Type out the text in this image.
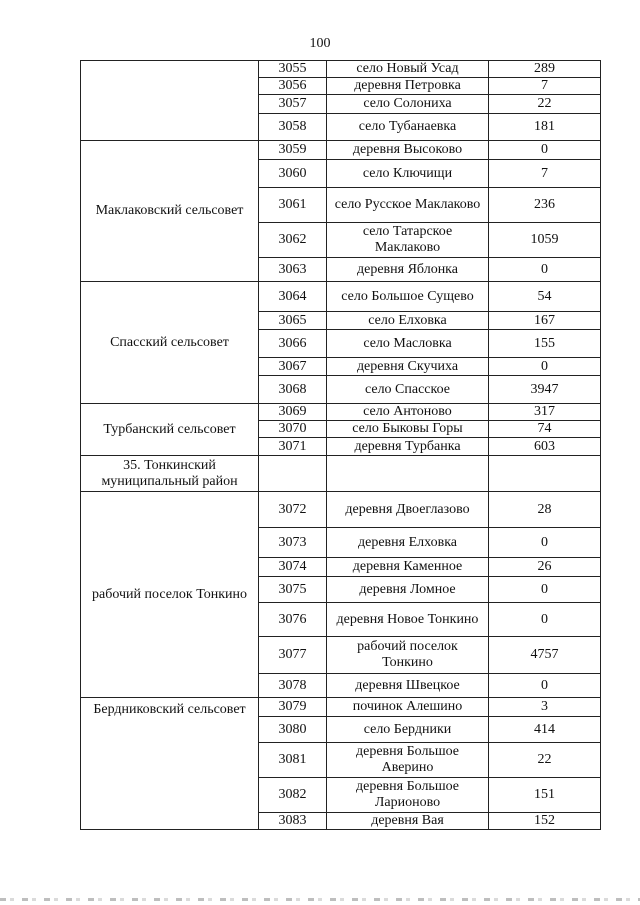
100
	3055	село Новый Усад	289
	3056	деревня Петровка	7
	3057	село Солониха	22
	3058	село Тубанаевка	181
Маклаковский сельсовет	3059	деревня Высоково	0
	3060	село Ключищи	7
	3061	село Русское Маклаково	236
	3062	село Татарское Маклаково	1059
	3063	деревня Яблонка	0
Спасский сельсовет	3064	село Большое Сущево	54
	3065	село Елховка	167
	3066	село Масловка	155
	3067	деревня Скучиха	0
	3068	село Спасское	3947
Турбанский сельсовет	3069	село Антоново	317
	3070	село Быковы Горы	74
	3071	деревня Турбанка	603
35. Тонкинский муниципальный район			
рабочий поселок Тонкино	3072	деревня Двоеглазово	28
	3073	деревня Елховка	0
	3074	деревня Каменное	26
	3075	деревня Ломное	0
	3076	деревня Новое Тонкино	0
	3077	рабочий поселок Тонкино	4757
	3078	деревня Швецкое	0
Бердниковский сельсовет	3079	починок Алешино	3
	3080	село Бердники	414
	3081	деревня Большое Аверино	22
	3082	деревня Большое Ларионово	151
	3083	деревня Вая	152
